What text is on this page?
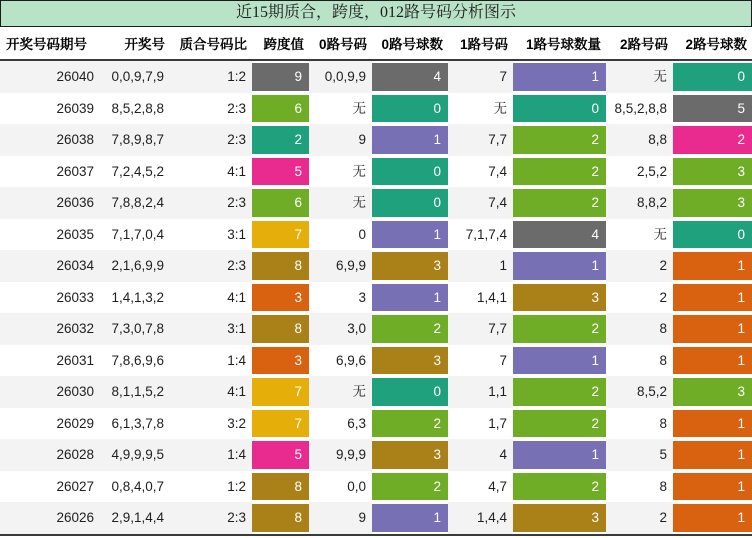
近15期质合，跨度，012路号码分析图示
开奖号码期号	开奖号	质合号码比	跨度值	0路号码	0路号球数	1路号码	1路号球数量	2路号码	2路号球数
26040	0,0,9,7,9	1:2	9	0,0,9,9	4	7	1	无	0
26039	8,5,2,8,8	2:3	6	无	0	无	0	8,5,2,8,8	5
26038	7,8,9,8,7	2:3	2	9	1	7,7	2	8,8	2
26037	7,2,4,5,2	4:1	5	无	0	7,4	2	2,5,2	3
26036	7,8,8,2,4	2:3	6	无	0	7,4	2	8,8,2	3
26035	7,1,7,0,4	3:1	7	0	1	7,1,7,4	4	无	0
26034	2,1,6,9,9	2:3	8	6,9,9	3	1	1	2	1
26033	1,4,1,3,2	4:1	3	3	1	1,4,1	3	2	1
26032	7,3,0,7,8	3:1	8	3,0	2	7,7	2	8	1
26031	7,8,6,9,6	1:4	3	6,9,6	3	7	1	8	1
26030	8,1,1,5,2	4:1	7	无	0	1,1	2	8,5,2	3
26029	6,1,3,7,8	3:2	7	6,3	2	1,7	2	8	1
26028	4,9,9,9,5	1:4	5	9,9,9	3	4	1	5	1
26027	0,8,4,0,7	1:2	8	0,0	2	4,7	2	8	1
26026	2,9,1,4,4	2:3	8	9	1	1,4,4	3	2	1
